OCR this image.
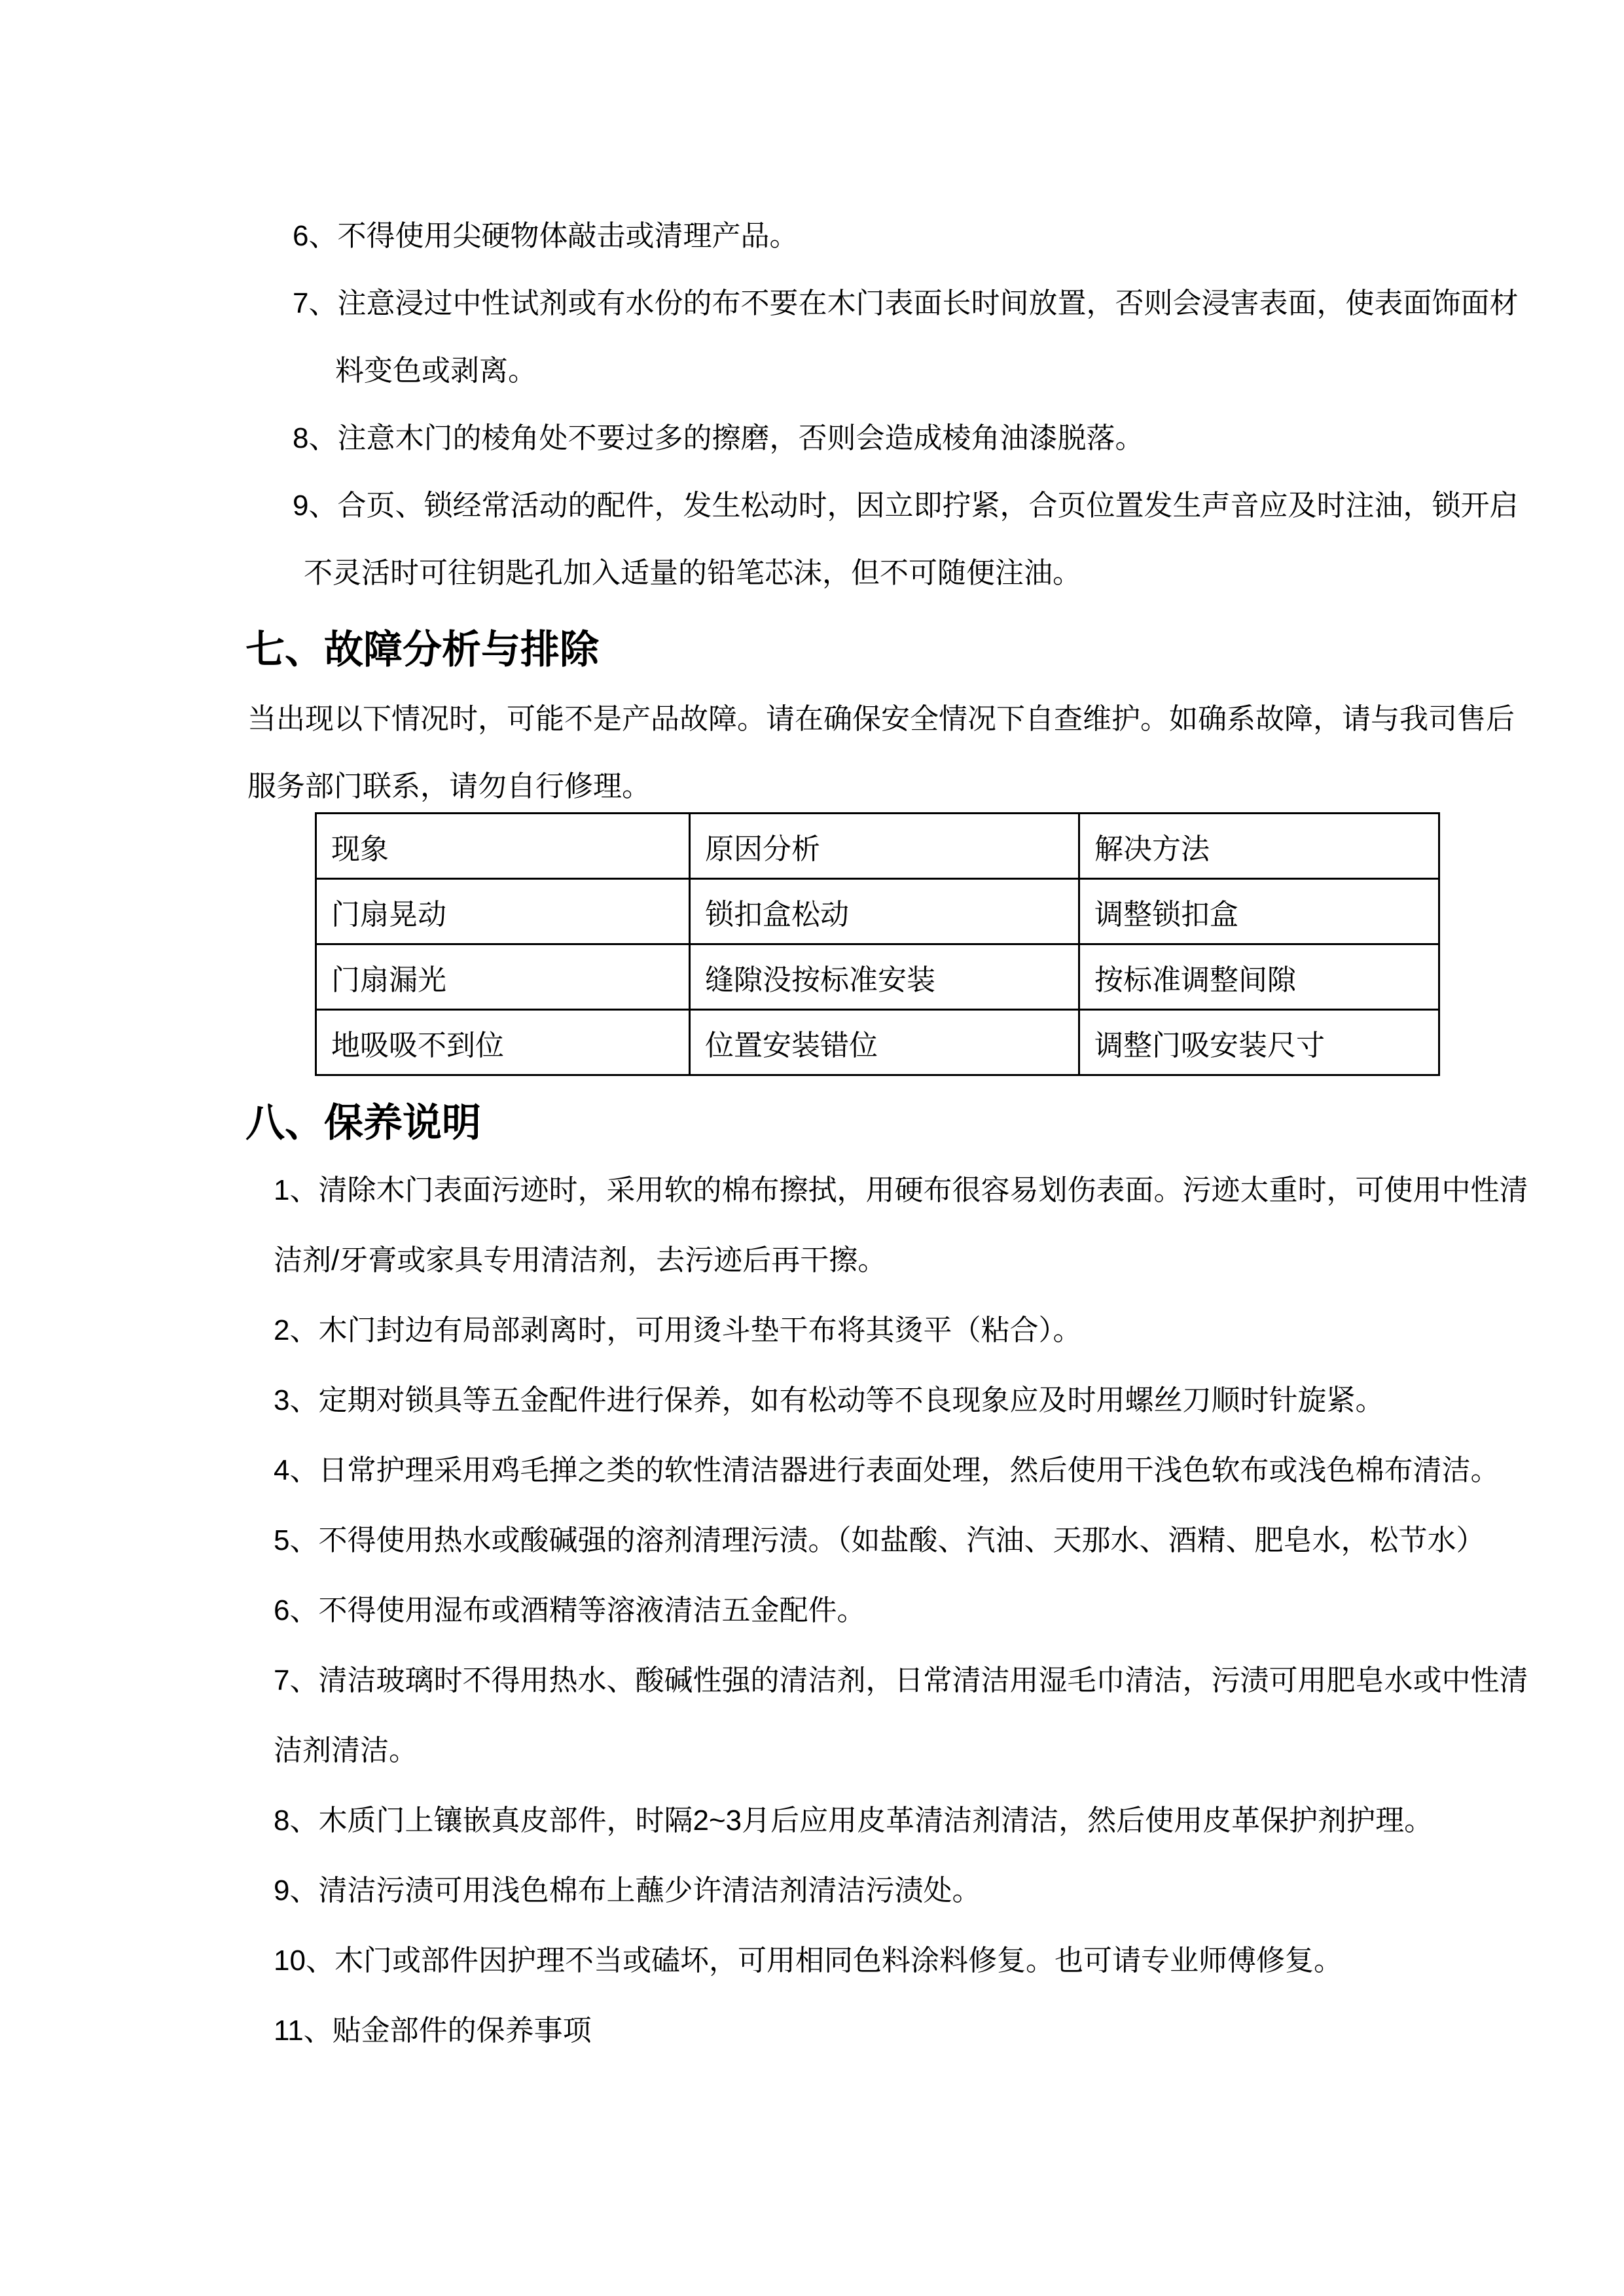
6、 不得使用尖硬物体敲击或清理产品。
7、 注意浸过中性试剂或有水份的布不要在木门表面长时间放置，否则会浸害表面，使表面饰面材
料变色或剥离。
8、 注意木门的棱角处不要过多的擦磨，否则会造成棱角油漆脱落。
9、 合页、锁经常活动的配件，发生松动时，因立即拧紧，合页位置发生声音应及时注油，锁开启
不灵活时可往钥匙孔加入适量的铅笔芯沫，但不可随便注油。
七、故障分析与排除
当出现以下情况时，可能不是产品故障。请在确保安全情况下自查维护。如确系故障，请与我司售后
服务部门联系，请勿自行修理。
现象	原因分析	解决方法
门扇晃动	锁扣盒松动	调整锁扣盒
门扇漏光	缝隙没按标准安装	按标准调整间隙
地吸吸不到位	位置安装错位	调整门吸安装尺寸
八、保养说明
1、 清除木门表面污迹时，采用软的棉布擦拭，用硬布很容易划伤表面。污迹太重时，可使用中性清
洁剂/牙膏或家具专用清洁剂，去污迹后再干擦。
2、 木门封边有局部剥离时，可用烫斗垫干布将其烫平（粘合）。
3、 定期对锁具等五金配件进行保养，如有松动等不良现象应及时用螺丝刀顺时针旋紧。
4、 日常护理采用鸡毛掸之类的软性清洁器进行表面处理，然后使用干浅色软布或浅色棉布清洁。
5、 不得使用热水或酸碱强的溶剂清理污渍。（如盐酸、汽油、天那水、酒精、肥皂水，松节水）
6、 不得使用湿布或酒精等溶液清洁五金配件。
7、 清洁玻璃时不得用热水、酸碱性强的清洁剂，日常清洁用湿毛巾清洁，污渍可用肥皂水或中性清
洁剂清洁。
8、 木质门上镶嵌真皮部件，时隔2~3月后应用皮革清洁剂清洁，然后使用皮革保护剂护理。
9、 清洁污渍可用浅色棉布上蘸少许清洁剂清洁污渍处。
10、 木门或部件因护理不当或磕坏，可用相同色料涂料修复。也可请专业师傅修复。
11、 贴金部件的保养事项
